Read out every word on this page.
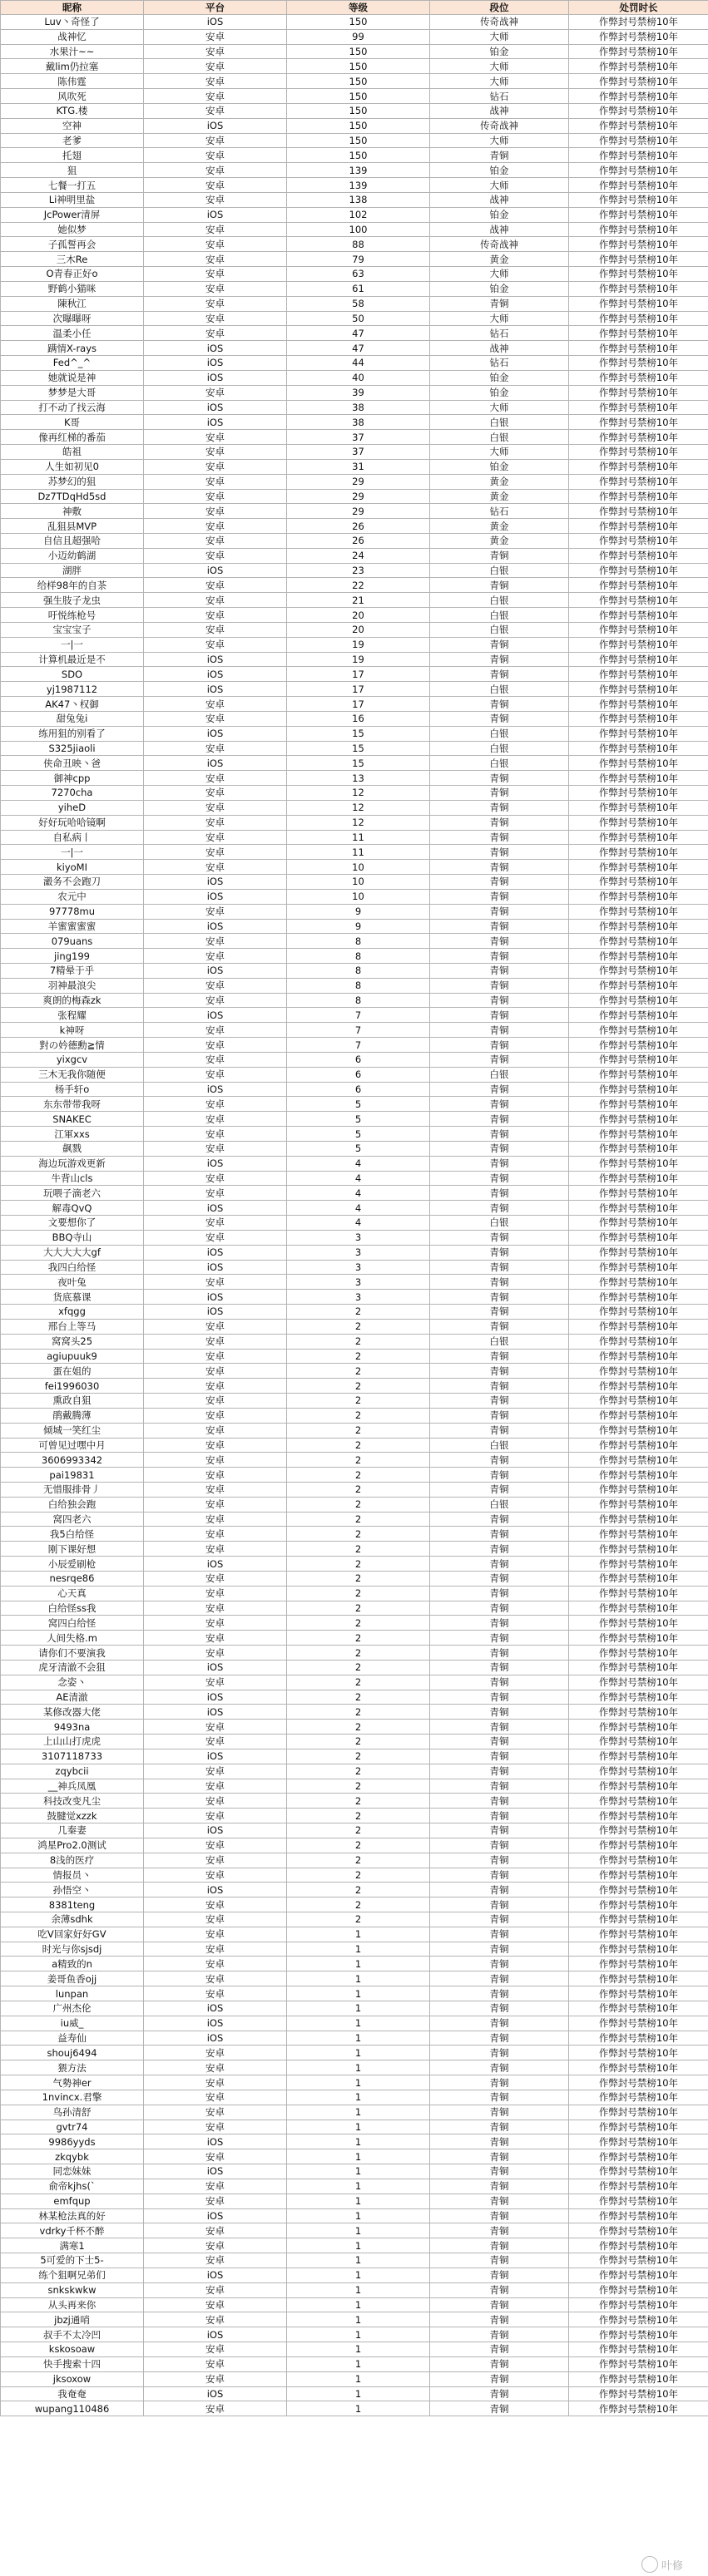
昵称	平台	等级	段位	处罚时长
Luv丶奇怪了	iOS	150	传奇战神	作弊封号禁榜10年
战神忆	安卓	99	大师	作弊封号禁榜10年
水果汁~~	安卓	150	铂金	作弊封号禁榜10年
戴lim仍拉塞	安卓	150	大师	作弊封号禁榜10年
陈伟霆	安卓	150	大师	作弊封号禁榜10年
风吹死	安卓	150	钻石	作弊封号禁榜10年
KTG.楼	安卓	150	战神	作弊封号禁榜10年
空神	iOS	150	传奇战神	作弊封号禁榜10年
老爹	安卓	150	大师	作弊封号禁榜10年
托翅	安卓	150	青铜	作弊封号禁榜10年
狙	安卓	139	铂金	作弊封号禁榜10年
七餐一打五	安卓	139	大师	作弊封号禁榜10年
Li神明里盐	安卓	138	战神	作弊封号禁榜10年
JcPower清屏	iOS	102	铂金	作弊封号禁榜10年
她似梦	安卓	100	战神	作弊封号禁榜10年
子孤誓再会	安卓	88	传奇战神	作弊封号禁榜10年
三木Re	安卓	79	黄金	作弊封号禁榜10年
O青春正好o	安卓	63	大师	作弊封号禁榜10年
野鹤小猫咪	安卓	61	铂金	作弊封号禁榜10年
陳秋江	安卓	58	青铜	作弊封号禁榜10年
次曝曝呀	安卓	50	大师	作弊封号禁榜10年
温柔小任	安卓	47	钻石	作弊封号禁榜10年
蹒情X-rays	iOS	47	战神	作弊封号禁榜10年
Fed^_^	iOS	44	钻石	作弊封号禁榜10年
她就说是神	iOS	40	铂金	作弊封号禁榜10年
梦梦是大哥	安卓	39	铂金	作弊封号禁榜10年
打不动了找云海	iOS	38	大师	作弊封号禁榜10年
K哥	iOS	38	白银	作弊封号禁榜10年
像再红梯的番茄	安卓	37	白银	作弊封号禁榜10年
皓祖	安卓	37	大师	作弊封号禁榜10年
人生如初见0	安卓	31	铂金	作弊封号禁榜10年
苏梦幻的狙	安卓	29	黄金	作弊封号禁榜10年
Dz7TDqHd5sd	安卓	29	黄金	作弊封号禁榜10年
神敷	安卓	29	钻石	作弊封号禁榜10年
乱狙县MVP	安卓	26	黄金	作弊封号禁榜10年
自信且超强哈	安卓	26	黄金	作弊封号禁榜10年
小迈幼鹤湖	安卓	24	青铜	作弊封号禁榜10年
湖胖	iOS	23	白银	作弊封号禁榜10年
给样98年的自茶	安卓	22	青铜	作弊封号禁榜10年
强生肢子龙虫	安卓	21	白银	作弊封号禁榜10年
吁悦练枪号	安卓	20	白银	作弊封号禁榜10年
宝宝宝子	安卓	20	白银	作弊封号禁榜10年
一|一	安卓	19	青铜	作弊封号禁榜10年
计算机最近是不	iOS	19	青铜	作弊封号禁榜10年
SDO	iOS	17	青铜	作弊封号禁榜10年
yj1987112	iOS	17	白银	作弊封号禁榜10年
AK47丶权御	安卓	17	青铜	作弊封号禁榜10年
甜兔兔i	安卓	16	青铜	作弊封号禁榜10年
练用狙的别看了	iOS	15	白银	作弊封号禁榜10年
S325jiaoli	安卓	15	白银	作弊封号禁榜10年
侠命丑映丶爸	iOS	15	白银	作弊封号禁榜10年
御神cpp	安卓	13	青铜	作弊封号禁榜10年
7270cha	安卓	12	青铜	作弊封号禁榜10年
yiheD	安卓	12	青铜	作弊封号禁榜10年
好好玩哈哈镜啊	安卓	12	青铜	作弊封号禁榜10年
自私病丨	安卓	11	青铜	作弊封号禁榜10年
一|一	安卓	11	青铜	作弊封号禁榜10年
kiyoMI	安卓	10	青铜	作弊封号禁榜10年
瀫务不会跑刀	iOS	10	青铜	作弊封号禁榜10年
农元中	iOS	10	青铜	作弊封号禁榜10年
97778mu	安卓	9	青铜	作弊封号禁榜10年
羊蜜蜜蜜蜜	iOS	9	青铜	作弊封号禁榜10年
079uans	安卓	8	青铜	作弊封号禁榜10年
jing199	安卓	8	青铜	作弊封号禁榜10年
7精晕于乎	iOS	8	青铜	作弊封号禁榜10年
羽神最浪尖	安卓	8	青铜	作弊封号禁榜10年
爽朗的梅森zk	安卓	8	青铜	作弊封号禁榜10年
张程耀	iOS	7	青铜	作弊封号禁榜10年
k神呀	安卓	7	青铜	作弊封号禁榜10年
對の妗德勳≧情	安卓	7	青铜	作弊封号禁榜10年
yixgcv	安卓	6	青铜	作弊封号禁榜10年
三木无我你随便	安卓	6	白银	作弊封号禁榜10年
杨手轩o	iOS	6	青铜	作弊封号禁榜10年
东东带带我呀	安卓	5	青铜	作弊封号禁榜10年
SNAKEC	安卓	5	青铜	作弊封号禁榜10年
江軍xxs	安卓	5	青铜	作弊封号禁榜10年
飙戮	安卓	5	青铜	作弊封号禁榜10年
海边玩游戏更新	iOS	4	青铜	作弊封号禁榜10年
牛背山cls	安卓	4	青铜	作弊封号禁榜10年
玩喂子滴老六	安卓	4	青铜	作弊封号禁榜10年
解毒QvQ	iOS	4	青铜	作弊封号禁榜10年
文要想你了	安卓	4	白银	作弊封号禁榜10年
BBQ寺山	安卓	3	青铜	作弊封号禁榜10年
大大大大大gf	iOS	3	青铜	作弊封号禁榜10年
我四白给怪	iOS	3	青铜	作弊封号禁榜10年
夜叶兔	安卓	3	青铜	作弊封号禁榜10年
货底慕课	iOS	3	青铜	作弊封号禁榜10年
xfqgg	iOS	2	青铜	作弊封号禁榜10年
邢台上等马	安卓	2	青铜	作弊封号禁榜10年
窝窝头25	安卓	2	白银	作弊封号禁榜10年
agiupuuk9	安卓	2	青铜	作弊封号禁榜10年
蛋在姐的	安卓	2	青铜	作弊封号禁榜10年
fei1996030	安卓	2	青铜	作弊封号禁榜10年
熏政自狙	安卓	2	青铜	作弊封号禁榜10年
鹃戴腾薄	安卓	2	青铜	作弊封号禁榜10年
倾城一笑红尘	安卓	2	青铜	作弊封号禁榜10年
可曾见过嘿中月	安卓	2	白银	作弊封号禁榜10年
3606993342	安卓	2	青铜	作弊封号禁榜10年
pai19831	安卓	2	青铜	作弊封号禁榜10年
无惜服排骨丿	安卓	2	青铜	作弊封号禁榜10年
白给独会跑	安卓	2	白银	作弊封号禁榜10年
窝四老六	安卓	2	青铜	作弊封号禁榜10年
我5白给怪	安卓	2	青铜	作弊封号禁榜10年
刚下课好想	安卓	2	青铜	作弊封号禁榜10年
小辰爱刷枪	iOS	2	青铜	作弊封号禁榜10年
nesrqe86	安卓	2	青铜	作弊封号禁榜10年
心天真	安卓	2	青铜	作弊封号禁榜10年
白给怪ss我	安卓	2	青铜	作弊封号禁榜10年
窝四白给怪	安卓	2	青铜	作弊封号禁榜10年
人间失格.m	安卓	2	青铜	作弊封号禁榜10年
请你们不要演我	安卓	2	青铜	作弊封号禁榜10年
虎牙清澈不会狙	iOS	2	青铜	作弊封号禁榜10年
念姿丶	安卓	2	青铜	作弊封号禁榜10年
AE清澈	iOS	2	青铜	作弊封号禁榜10年
某修改器大佬	iOS	2	青铜	作弊封号禁榜10年
9493na	安卓	2	青铜	作弊封号禁榜10年
上山山打虎虎	安卓	2	青铜	作弊封号禁榜10年
3107118733	iOS	2	青铜	作弊封号禁榜10年
zqybcii	安卓	2	青铜	作弊封号禁榜10年
__神兵凤凰	安卓	2	青铜	作弊封号禁榜10年
科技改变凡尘	安卓	2	青铜	作弊封号禁榜10年
鼓腱觉xzzk	安卓	2	青铜	作弊封号禁榜10年
几秦妻	iOS	2	青铜	作弊封号禁榜10年
鸿星Pro2.0测试	安卓	2	青铜	作弊封号禁榜10年
8浅的医疗	安卓	2	青铜	作弊封号禁榜10年
情报员丶	安卓	2	青铜	作弊封号禁榜10年
孙悟空丶	iOS	2	青铜	作弊封号禁榜10年
8381teng	安卓	2	青铜	作弊封号禁榜10年
余薄sdhk	安卓	2	青铜	作弊封号禁榜10年
吃V回家好好GV	安卓	1	青铜	作弊封号禁榜10年
时光与你sjsdj	安卓	1	青铜	作弊封号禁榜10年
a精致的n	安卓	1	青铜	作弊封号禁榜10年
姜哥鱼香ojj	安卓	1	青铜	作弊封号禁榜10年
lunpan	安卓	1	青铜	作弊封号禁榜10年
广州杰伦	iOS	1	青铜	作弊封号禁榜10年
iu威_	iOS	1	青铜	作弊封号禁榜10年
益寿仙	iOS	1	青铜	作弊封号禁榜10年
shouj6494	安卓	1	青铜	作弊封号禁榜10年
猥方法	安卓	1	青铜	作弊封号禁榜10年
气勢神er	安卓	1	青铜	作弊封号禁榜10年
1nvincx.君擎	安卓	1	青铜	作弊封号禁榜10年
鸟孙清舒	安卓	1	青铜	作弊封号禁榜10年
gvtr74	安卓	1	青铜	作弊封号禁榜10年
9986yyds	iOS	1	青铜	作弊封号禁榜10年
zkqybk	安卓	1	青铜	作弊封号禁榜10年
同恋妹妹	iOS	1	青铜	作弊封号禁榜10年
俞帝kjhs(`	安卓	1	青铜	作弊封号禁榜10年
emfqup	安卓	1	青铜	作弊封号禁榜10年
林某枪法真的好	iOS	1	青铜	作弊封号禁榜10年
vdrky千杯不醉	安卓	1	青铜	作弊封号禁榜10年
满寒1	安卓	1	青铜	作弊封号禁榜10年
5可爱的下士5-	安卓	1	青铜	作弊封号禁榜10年
练个狙啊兄弟们	iOS	1	青铜	作弊封号禁榜10年
snkskwkw	安卓	1	青铜	作弊封号禁榜10年
从头再来你	安卓	1	青铜	作弊封号禁榜10年
jbzj通哨	安卓	1	青铜	作弊封号禁榜10年
叔手不太冷凹	iOS	1	青铜	作弊封号禁榜10年
kskosoaw	安卓	1	青铜	作弊封号禁榜10年
快手搜索十四	安卓	1	青铜	作弊封号禁榜10年
jksoxow	安卓	1	青铜	作弊封号禁榜10年
我奄奄	iOS	1	青铜	作弊封号禁榜10年
wupang110486	安卓	1	青铜	作弊封号禁榜10年
叶修
